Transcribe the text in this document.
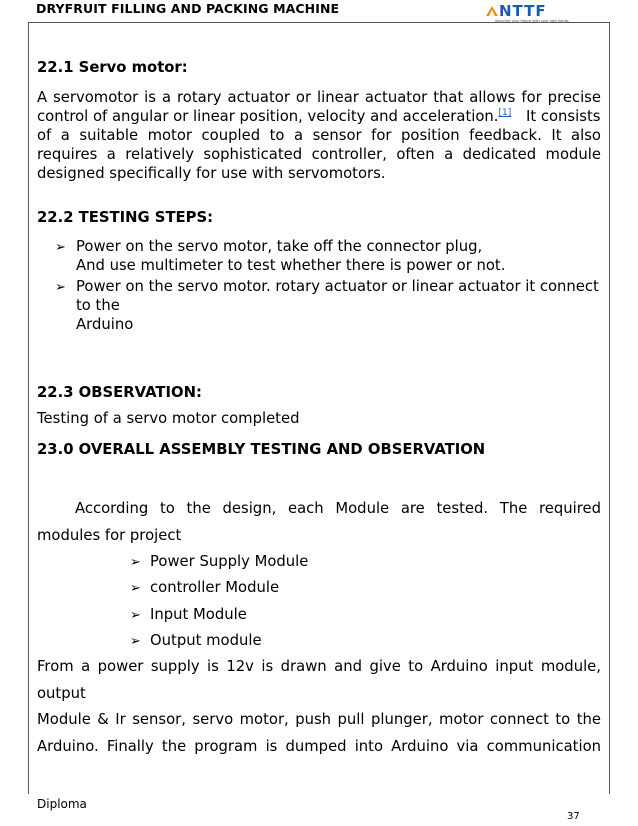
DRYFRUIT FILLING AND PACKING MACHINE	NTTF
Securing your future with your own hands
22.1 Servo motor:
A servomotor is a rotary actuator or linear actuator that allows for precise
control of angular or linear position, velocity and acceleration.[1] It consists
of a suitable motor coupled to a sensor for position feedback. It also
requires a relatively sophisticated controller, often a dedicated module
designed specifically for use with servomotors.
22.2 TESTING STEPS:
➢ Power on the servo motor, take off the connector plug,
And use multimeter to test whether there is power or not.
➢ Power on the servo motor. rotary actuator or linear actuator it connect
to the
Arduino
22.3 OBSERVATION:
Testing of a servo motor completed
23.0 OVERALL ASSEMBLY TESTING AND OBSERVATION
According to the design, each Module are tested. The required
modules for project
➢ Power Supply Module
➢ controller Module
➢ Input Module
➢ Output module
From a power supply is 12v is drawn and give to Arduino input module,
output
Module & Ir sensor, servo motor, push pull plunger, motor connect to the
Arduino. Finally the program is dumped into Arduino via communication
Diploma
37
